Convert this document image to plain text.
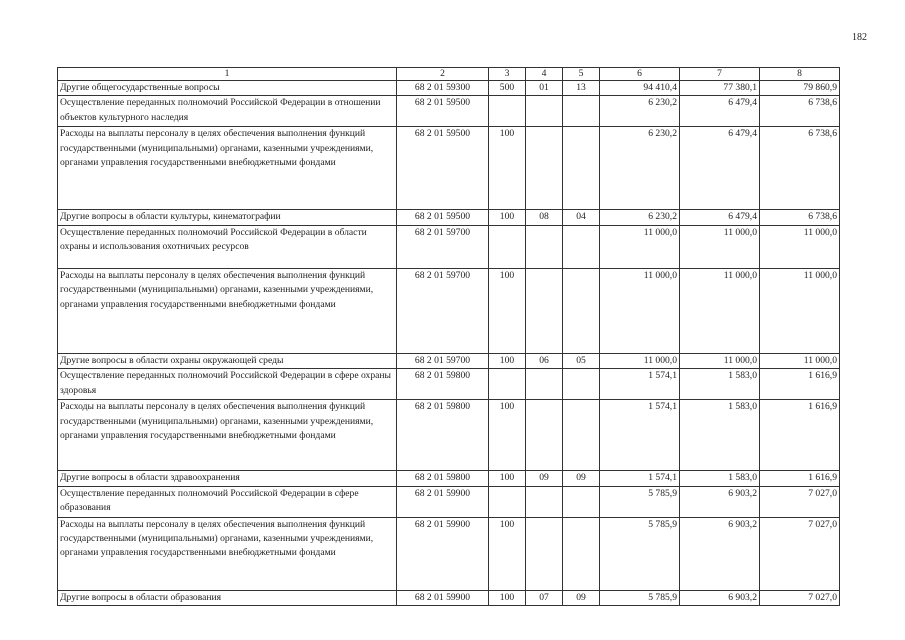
182
1	2	3	4	5	6	7	8
Другие общегосударственные вопросы	68 2 01 59300	500	01	13	94 410,4	77 380,1	79 860,9
Осуществление переданных полномочий Российской Федерации в отношении объектов культурного наследия	68 2 01 59500				6 230,2	6 479,4	6 738,6
Расходы на выплаты персоналу в целях обеспечения выполнения функций государственными (муниципальными) органами, казенными учреждениями, органами управления государственными внебюджетными фондами	68 2 01 59500	100			6 230,2	6 479,4	6 738,6
Другие вопросы в области культуры, кинематографии	68 2 01 59500	100	08	04	6 230,2	6 479,4	6 738,6
Осуществление переданных полномочий Российской Федерации в области охраны и использования охотничьих ресурсов	68 2 01 59700				11 000,0	11 000,0	11 000,0
Расходы на выплаты персоналу в целях обеспечения выполнения функций государственными (муниципальными) органами, казенными учреждениями, органами управления государственными внебюджетными фондами	68 2 01 59700	100			11 000,0	11 000,0	11 000,0
Другие вопросы в области охраны окружающей среды	68 2 01 59700	100	06	05	11 000,0	11 000,0	11 000,0
Осуществление переданных полномочий Российской Федерации в сфере охраны здоровья	68 2 01 59800				1 574,1	1 583,0	1 616,9
Расходы на выплаты персоналу в целях обеспечения выполнения функций государственными (муниципальными) органами, казенными учреждениями, органами управления государственными внебюджетными фондами	68 2 01 59800	100			1 574,1	1 583,0	1 616,9
Другие вопросы в области здравоохранения	68 2 01 59800	100	09	09	1 574,1	1 583,0	1 616,9
Осуществление переданных полномочий Российской Федерации в сфере образования	68 2 01 59900				5 785,9	6 903,2	7 027,0
Расходы на выплаты персоналу в целях обеспечения выполнения функций государственными (муниципальными) органами, казенными учреждениями, органами управления государственными внебюджетными фондами	68 2 01 59900	100			5 785,9	6 903,2	7 027,0
Другие вопросы в области образования	68 2 01 59900	100	07	09	5 785,9	6 903,2	7 027,0
